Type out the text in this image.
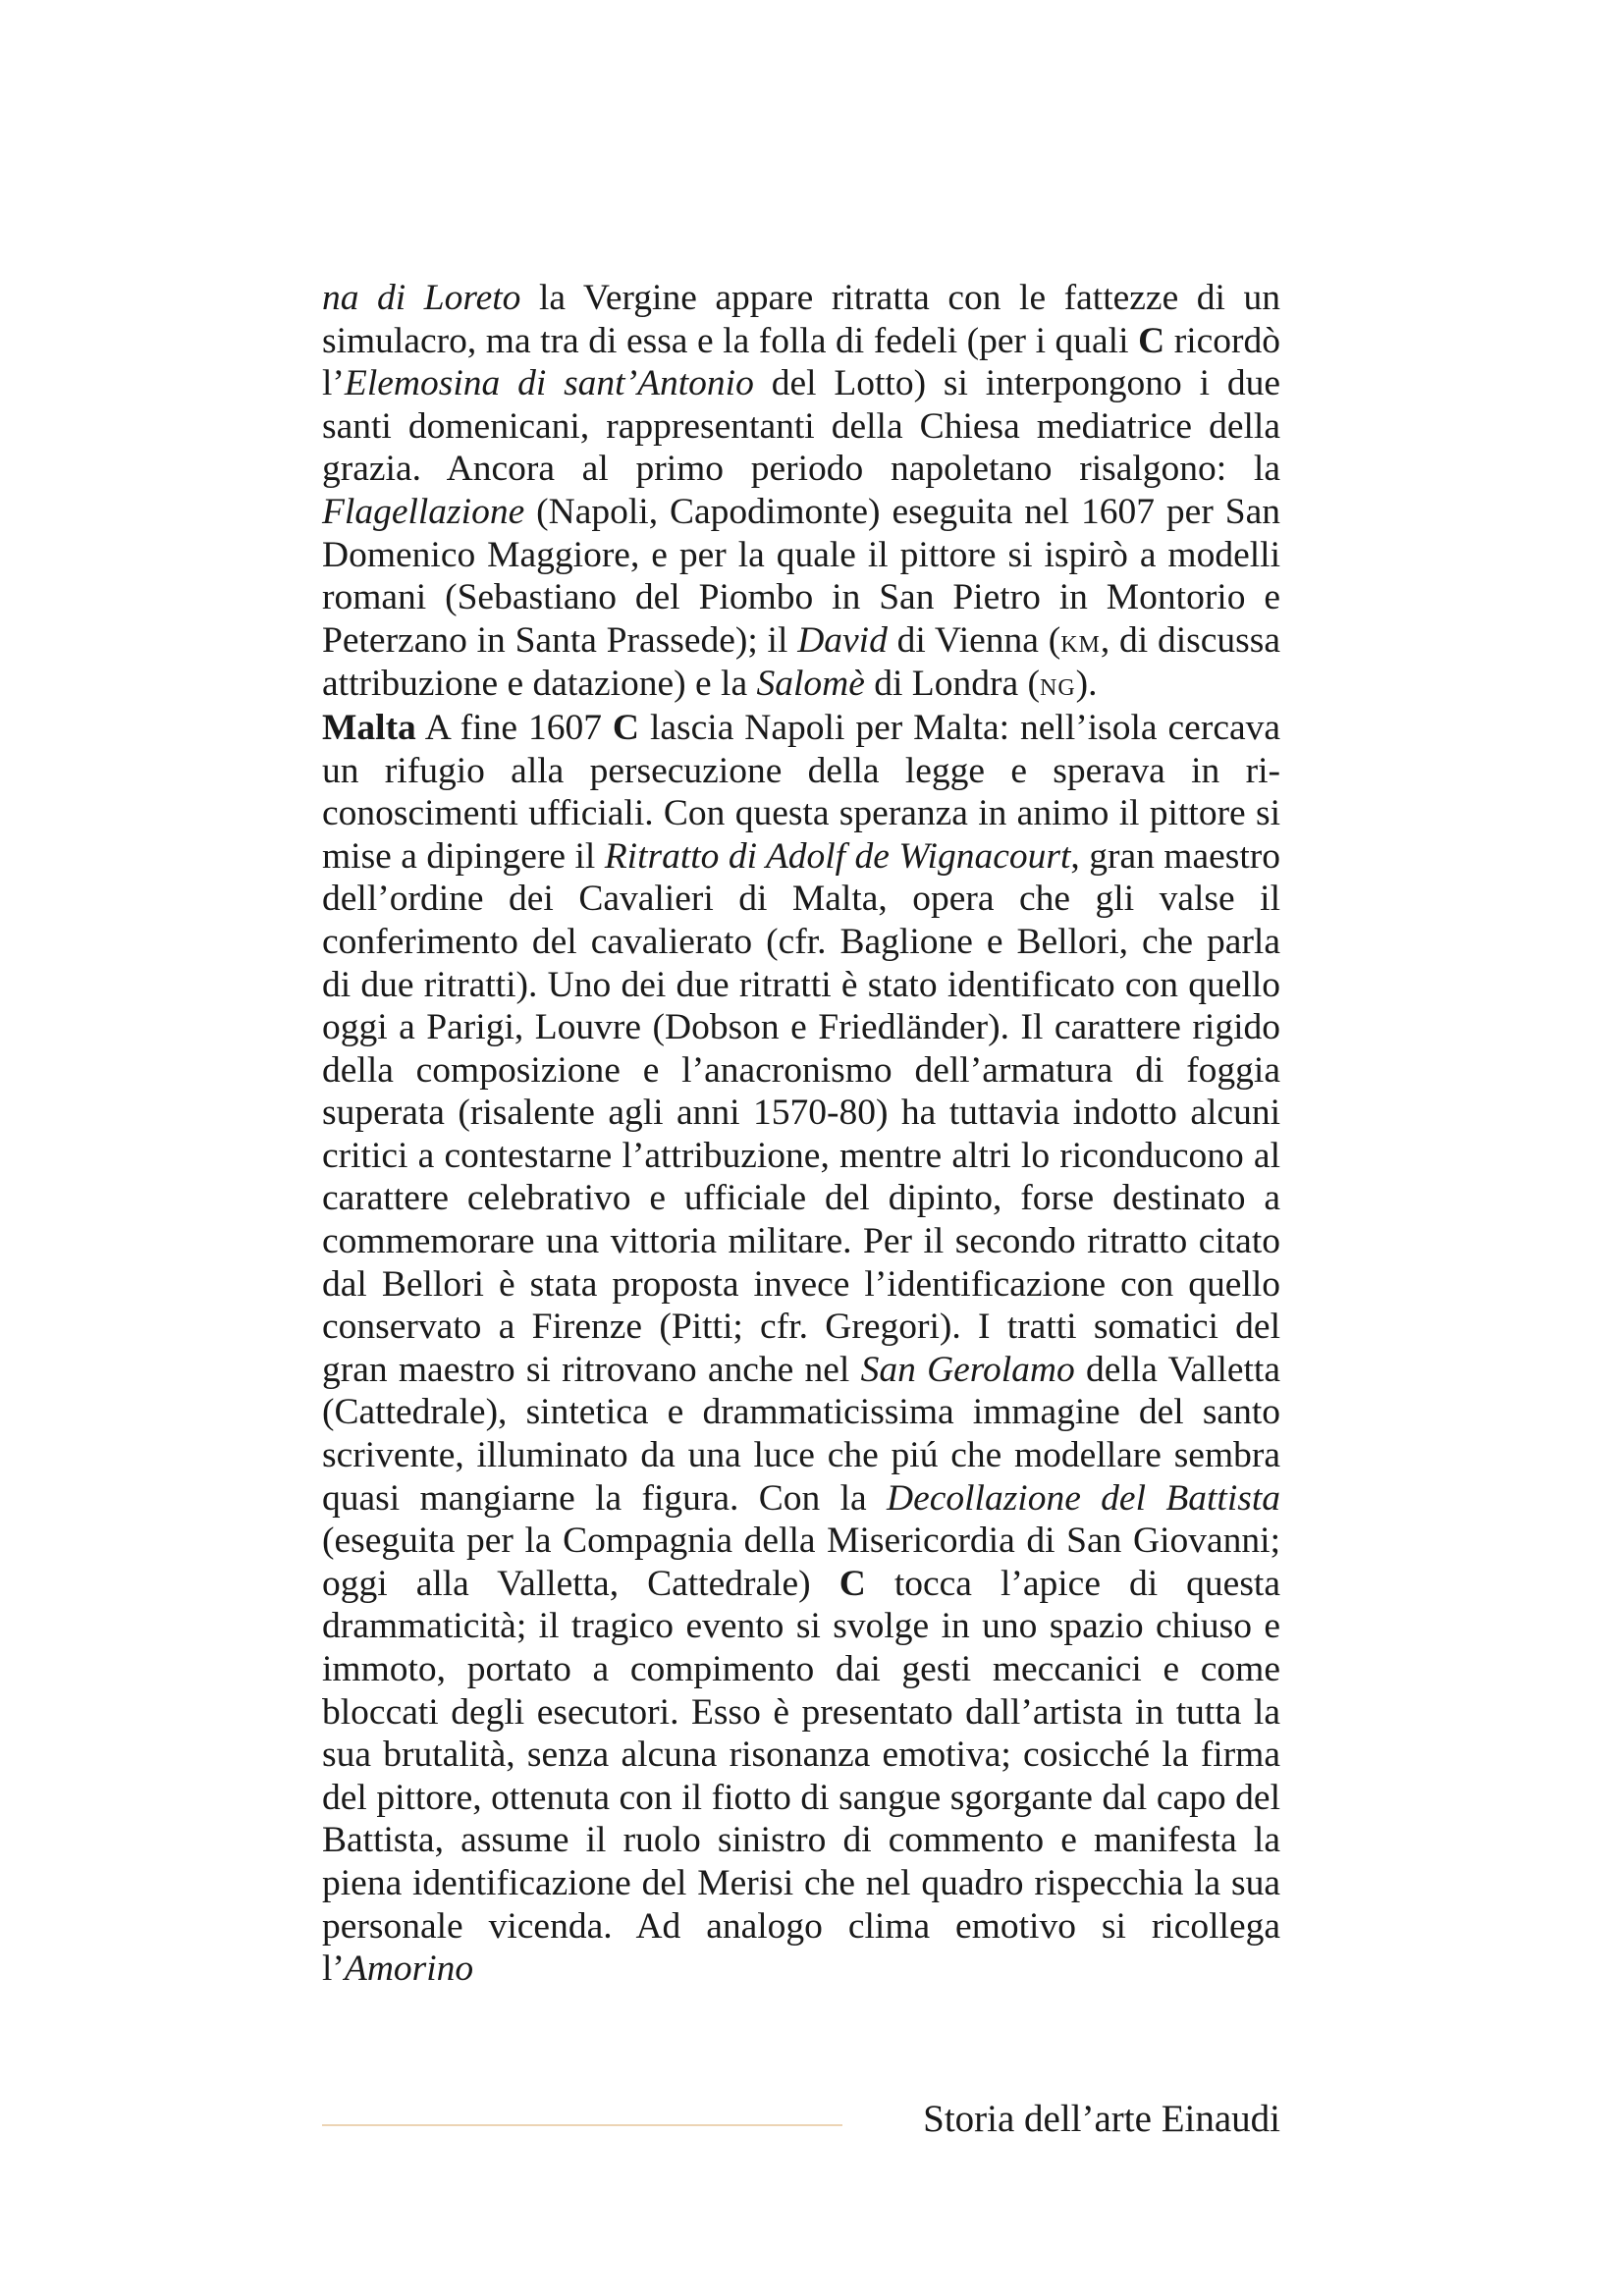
na di Loreto la Vergine appare ritratta con le fattezze di un simulacro, ma tra di essa e la folla di fedeli (per i quali C ricordò l’Elemosina di sant’Antonio del Lotto) si interpongono i due santi domenicani, rappresentanti della Chiesa mediatrice della grazia. Ancora al primo periodo napoletano risalgono: la Flagellazione (Napoli, Capodimonte) eseguita nel 1607 per San Domenico Maggiore, e per la quale il pittore si ispirò a modelli romani (Sebastiano del Piombo in San Pietro in Montorio e Peterzano in Santa Prassede); il David di Vienna (km, di discussa attribuzione e datazione) e la Salomè di Londra (ng).

Malta A fine 1607 C lascia Napoli per Malta: nell’isola cercava un rifugio alla persecuzione della legge e sperava in riconoscimenti ufficiali. Con questa speranza in animo il pittore si mise a dipingere il Ritratto di Adolf de Wignacourt, gran maestro dell’ordine dei Cavalieri di Malta, opera che gli valse il conferimento del cavalierato (cfr. Baglione e Bellori, che parla di due ritratti). Uno dei due ritratti è stato identificato con quello oggi a Parigi, Louvre (Dobson e Friedländer). Il carattere rigido della composizione e l’anacronismo dell’armatura di foggia superata (risalente agli anni 1570-80) ha tuttavia indotto alcuni critici a contestarne l’attribuzione, mentre altri lo riconducono al carattere celebrativo e ufficiale del dipinto, forse destinato a commemorare una vittoria militare. Per il secondo ritratto citato dal Bellori è stata proposta invece l’identificazione con quello conservato a Firenze (Pitti; cfr. Gregori). I tratti somatici del gran maestro si ritrovano anche nel San Gerolamo della Valletta (Cattedrale), sintetica e drammaticissima immagine del santo scrivente, illuminato da una luce che piú che modellare sembra quasi mangiarne la figura. Con la Decollazione del Battista (eseguita per la Compagnia della Misericordia di San Giovanni; oggi alla Valletta, Cattedrale) C tocca l’apice di questa drammaticità; il tragico evento si svolge in uno spazio chiuso e immoto, portato a compimento dai gesti meccanici e come bloccati degli esecutori. Esso è presentato dall’artista in tutta la sua brutalità, senza alcuna risonanza emotiva; cosicché la firma del pittore, ottenuta con il fiotto di sangue sgorgante dal capo del Battista, assume il ruolo sinistro di commento e manifesta la piena identificazione del Merisi che nel quadro rispecchia la sua personale vicenda. Ad analogo clima emotivo si ricollega l’Amorino

Storia dell’arte Einaudi
